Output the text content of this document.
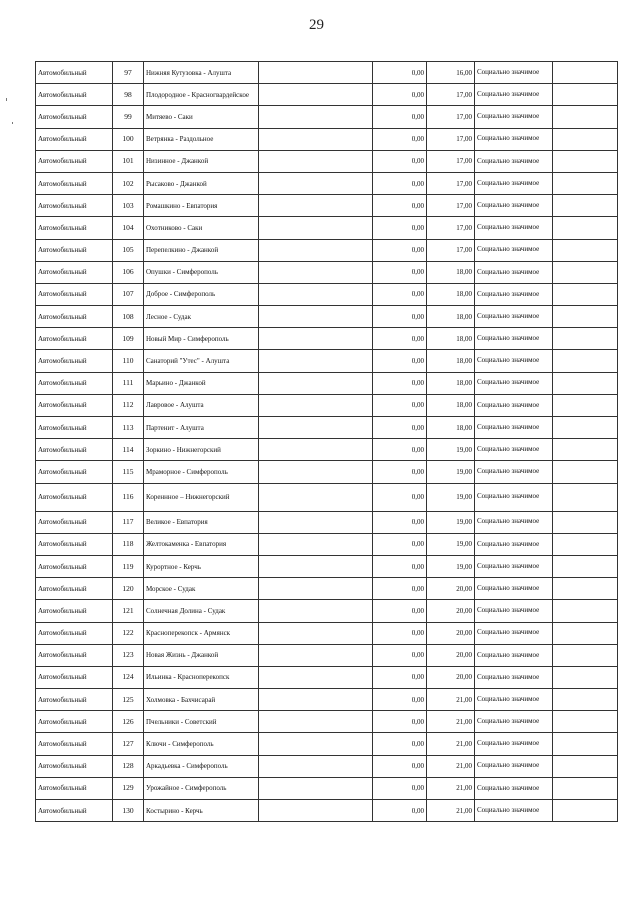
29
Автомобильный	97	Нижняя Кутузовка - Алушта		0,00	16,00	Социально значимое	
Автомобильный	98	Плодородное - Красногвардейское		0,00	17,00	Социально значимое	
Автомобильный	99	Митяево - Саки		0,00	17,00	Социально значимое	
Автомобильный	100	Ветрянка - Раздольное		0,00	17,00	Социально значимое	
Автомобильный	101	Низинное - Джанкой		0,00	17,00	Социально значимое	
Автомобильный	102	Рысаково - Джанкой		0,00	17,00	Социально значимое	
Автомобильный	103	Ромашкино - Евпатория		0,00	17,00	Социально значимое	
Автомобильный	104	Охотниково - Саки		0,00	17,00	Социально значимое	
Автомобильный	105	Перепелкино - Джанкой		0,00	17,00	Социально значимое	
Автомобильный	106	Опушки - Симферополь		0,00	18,00	Социально значимое	
Автомобильный	107	Доброе - Симферополь		0,00	18,00	Социально значимое	
Автомобильный	108	Лесное - Судак		0,00	18,00	Социально значимое	
Автомобильный	109	Новый Мир - Симферополь		0,00	18,00	Социально значимое	
Автомобильный	110	Санаторий "Утес" - Алушта		0,00	18,00	Социально значимое	
Автомобильный	111	Марьино - Джанкой		0,00	18,00	Социально значимое	
Автомобильный	112	Лавровое - Алушта		0,00	18,00	Социально значимое	
Автомобильный	113	Партенит - Алушта		0,00	18,00	Социально значимое	
Автомобильный	114	Зоркино - Нижнегорский		0,00	19,00	Социально значимое	
Автомобильный	115	Мраморное - Симферополь		0,00	19,00	Социально значимое	
Автомобильный	116	Кореннное – Нижнегорский		0,00	19,00	Социально значимое	
Автомобильный	117	Великое - Евпатория		0,00	19,00	Социально значимое	
Автомобильный	118	Желтокаменка - Евпатория		0,00	19,00	Социально значимое	
Автомобильный	119	Курортное - Керчь		0,00	19,00	Социально значимое	
Автомобильный	120	Морское - Судак		0,00	20,00	Социально значимое	
Автомобильный	121	Солнечная Долина - Судак		0,00	20,00	Социально значимое	
Автомобильный	122	Красноперекопск - Армянск		0,00	20,00	Социально значимое	
Автомобильный	123	Новая Жизнь - Джанкой		0,00	20,00	Социально значимое	
Автомобильный	124	Ильинка - Красноперекопск		0,00	20,00	Социально значимое	
Автомобильный	125	Холмовка - Бахчисарай		0,00	21,00	Социально значимое	
Автомобильный	126	Пчельники - Советский		0,00	21,00	Социально значимое	
Автомобильный	127	Ключи - Симферополь		0,00	21,00	Социально значимое	
Автомобильный	128	Аркадьевка - Симферополь		0,00	21,00	Социально значимое	
Автомобильный	129	Урожайное - Симферополь		0,00	21,00	Социально значимое	
Автомобильный	130	Костырино - Керчь		0,00	21,00	Социально значимое	
